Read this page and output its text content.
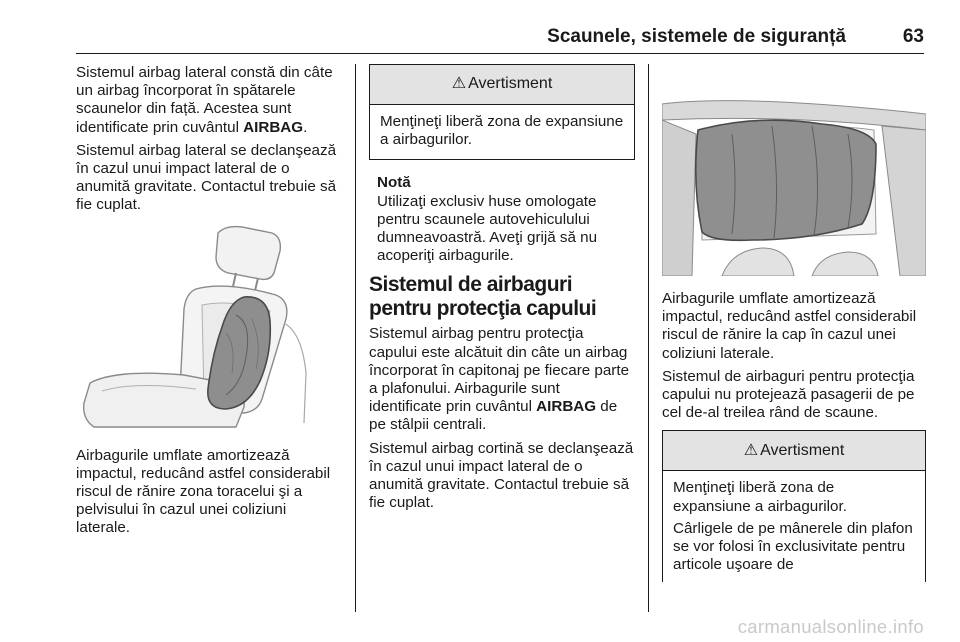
Scaunele, sistemele de siguranță	63

Sistemul airbag lateral constă din câte un airbag încorporat în spătarele scaunelor din față. Acestea sunt identificate prin cuvântul AIRBAG.

Sistemul airbag lateral se declanşează în cazul unui impact lateral de o anumită gravitate. Contactul trebuie să fie cuplat.

Airbagurile umflate amortizează impactul, reducând astfel considerabil riscul de rănire zona toracelui şi a pelvisului în cazul unei coliziuni laterale.

⚠ Avertisment

Menţineţi liberă zona de expansiune a airbagurilor.

Notă
Utilizaţi exclusiv huse omologate pentru scaunele autovehiculului dumneavoastră. Aveţi grijă să nu acoperiţi airbagurile.
Sistemul de airbaguri pentru protecţia capului

Sistemul airbag pentru protecţia capului este alcătuit din câte un airbag încorporat în capitonaj pe fiecare parte a plafonului. Airbagurile sunt identificate prin cuvântul AIRBAG de pe stâlpii centrali.

Sistemul airbag cortină se declanşează în cazul unui impact lateral de o anumită gravitate. Contactul trebuie să fie cuplat.

Airbagurile umflate amortizează impactul, reducând astfel considerabil riscul de rănire la cap în cazul unei coliziuni laterale.

Sistemul de airbaguri pentru protecţia capului nu protejează pasagerii de pe cel de-al treilea rând de scaune.

⚠ Avertisment

Menţineţi liberă zona de expansiune a airbagurilor.

Cârligele de pe mânerele din plafon se vor folosi în exclusivitate pentru articole uşoare de

carmanualsonline.info
